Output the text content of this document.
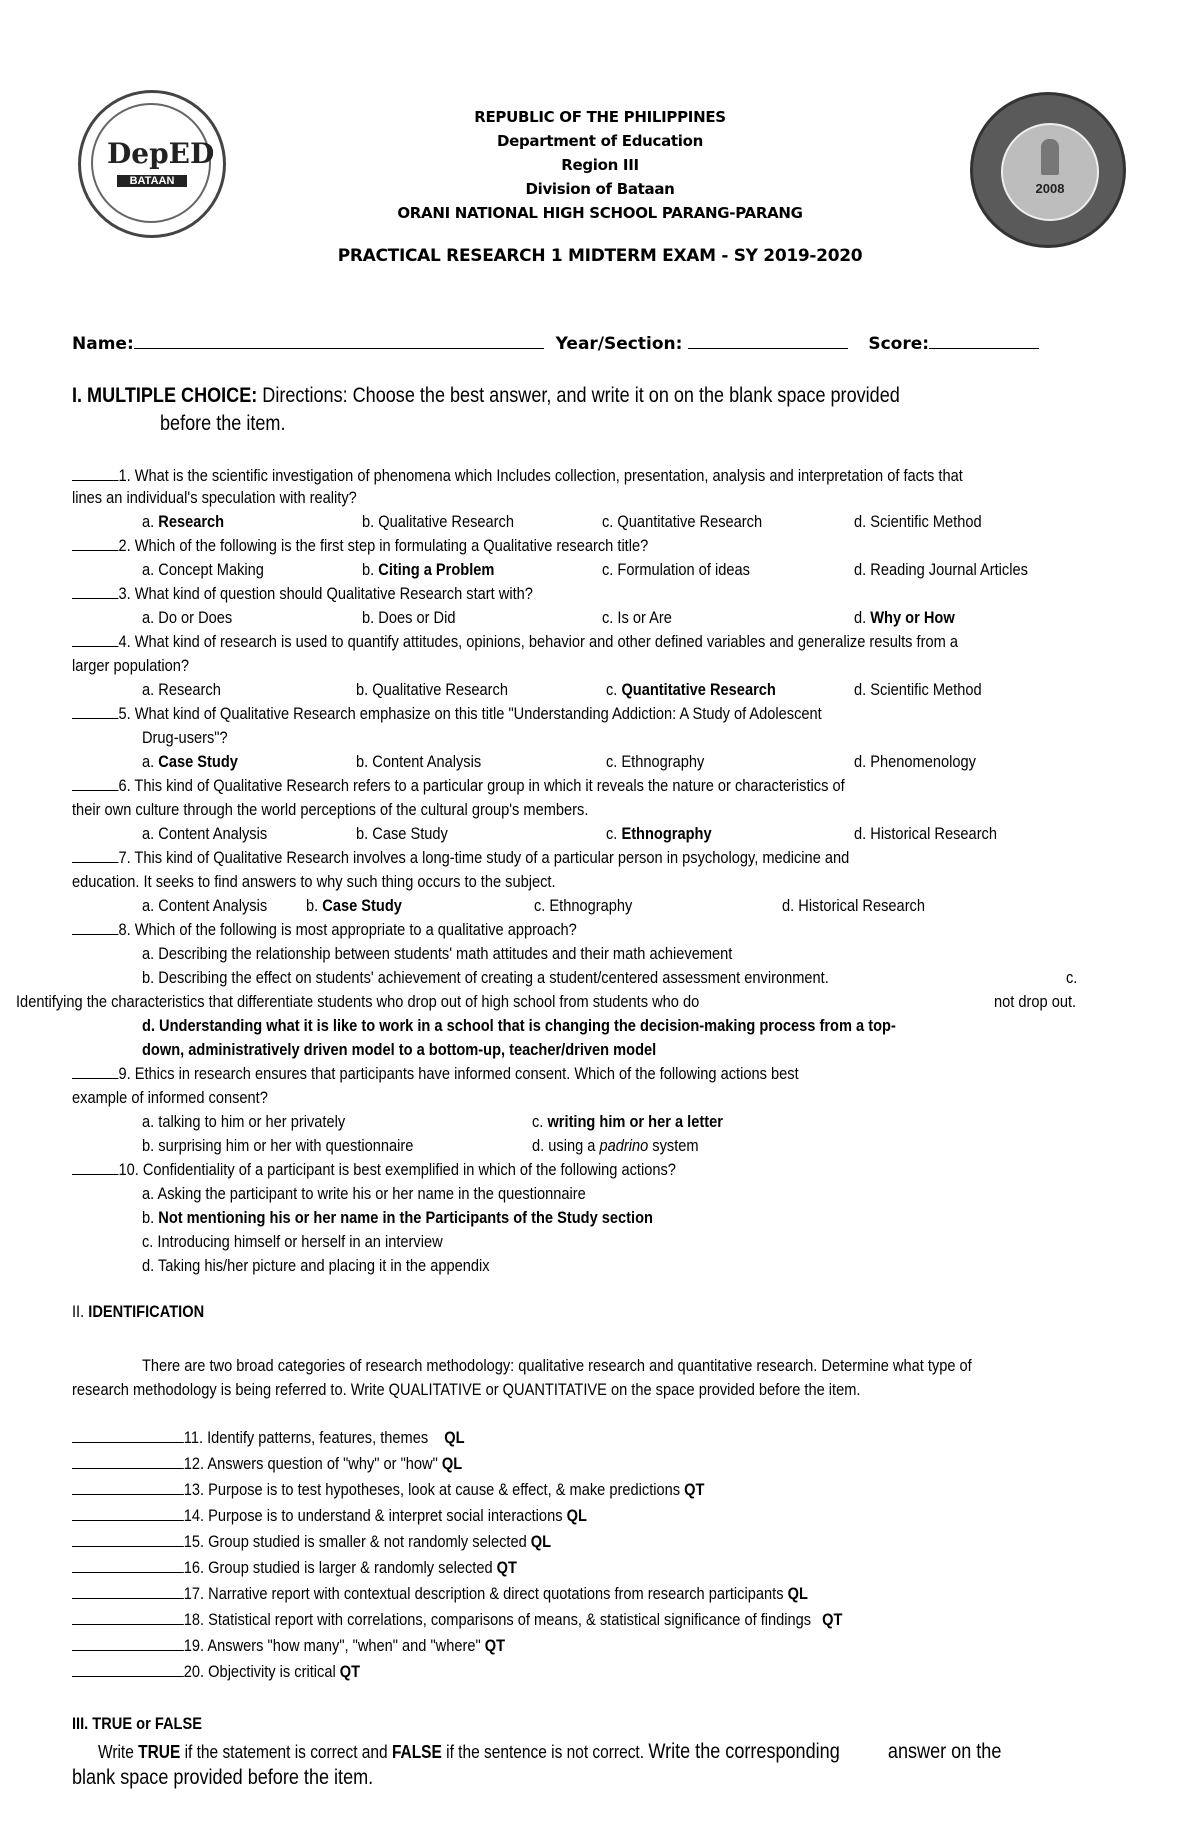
DepED
BATAAN	2008
REPUBLIC OF THE PHILIPPINES
Department of Education
Region III
Division of Bataan
ORANI NATIONAL HIGH SCHOOL PARANG-PARANG
PRACTICAL RESEARCH 1 MIDTERM EXAM - SY 2019-2020
Name:	Year/Section:	Score:
I. MULTIPLE CHOICE: Directions: Choose the best answer, and write it on on the blank space provided
before the item.
1. What is the scientific investigation of phenomena which Includes collection, presentation, analysis and interpretation of facts that
lines an individual's speculation with reality?
a. Research	b. Qualitative Research	c. Quantitative Research	d. Scientific Method
2. Which of the following is the first step in formulating a Qualitative research title?
a. Concept Making	b. Citing a Problem	c. Formulation of ideas	d. Reading Journal Articles
3. What kind of question should Qualitative Research start with?
a. Do or Does	b. Does or Did	c. Is or Are	d. Why or How
4. What kind of research is used to quantify attitudes, opinions, behavior and other defined variables and generalize results from a
larger population?
a. Research	b. Qualitative Research	c. Quantitative Research	d. Scientific Method
5. What kind of Qualitative Research emphasize on this title "Understanding Addiction: A Study of Adolescent
Drug-users"?
a. Case Study	b. Content Analysis	c. Ethnography	d. Phenomenology
6. This kind of Qualitative Research refers to a particular group in which it reveals the nature or characteristics of
their own culture through the world perceptions of the cultural group's members.
a. Content Analysis	b. Case Study	c. Ethnography	d. Historical Research
7. This kind of Qualitative Research involves a long-time study of a particular person in psychology, medicine and
education. It seeks to find answers to why such thing occurs to the subject.
a. Content Analysis b. Case Study	c. Ethnography	d. Historical Research
8. Which of the following is most appropriate to a qualitative approach?
a. Describing the relationship between students' math attitudes and their math achievement
b. Describing the effect on students' achievement of creating a student/centered assessment environment.	c.
Identifying the characteristics that differentiate students who drop out of high school from students who do	not drop out.
d. Understanding what it is like to work in a school that is changing the decision-making process from a top-
down, administratively driven model to a bottom-up, teacher/driven model
9. Ethics in research ensures that participants have informed consent. Which of the following actions best
example of informed consent?
a. talking to him or her privately	c. writing him or her a letter
b. surprising him or her with questionnaire	d. using a padrino system
10. Confidentiality of a participant is best exemplified in which of the following actions?
a. Asking the participant to write his or her name in the questionnaire
b. Not mentioning his or her name in the Participants of the Study section
c. Introducing himself or herself in an interview
d. Taking his/her picture and placing it in the appendix
II. IDENTIFICATION
There are two broad categories of research methodology: qualitative research and quantitative research. Determine what type of
research methodology is being referred to. Write QUALITATIVE or QUANTITATIVE on the space provided before the item.
11. Identify patterns, features, themes QL
12. Answers question of "why" or "how" QL
13. Purpose is to test hypotheses, look at cause & effect, & make predictions QT
14. Purpose is to understand & interpret social interactions QL
15. Group studied is smaller & not randomly selected QL
16. Group studied is larger & randomly selected QT
17. Narrative report with contextual description & direct quotations from research participants QL
18. Statistical report with correlations, comparisons of means, & statistical significance of findings QT
19. Answers "how many", "when" and "where" QT
20. Objectivity is critical QT
III. TRUE or FALSE
Write TRUE if the statement is correct and FALSE if the sentence is not correct. Write the corresponding answer on the
blank space provided before the item.
